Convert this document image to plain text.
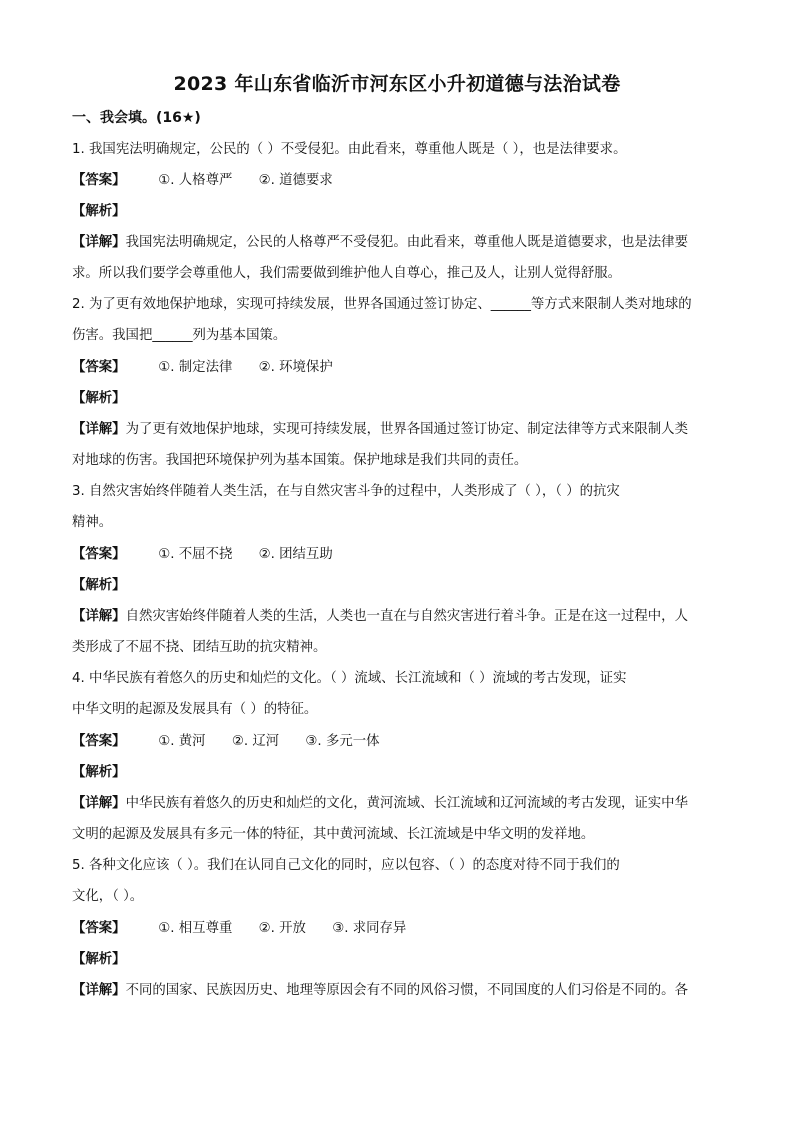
2023 年山东省临沂市河东区小升初道德与法治试卷
一、我会填。(16★)
1. 我国宪法明确规定，公民的（ ）不受侵犯。由此看来，尊重他人既是（ ），也是法律要求。
【答案】 ①. 人格尊严 ②. 道德要求
【解析】
【详解】我国宪法明确规定，公民的人格尊严不受侵犯。由此看来，尊重他人既是道德要求，也是法律要
求。所以我们要学会尊重他人，我们需要做到维护他人自尊心，推己及人，让别人觉得舒服。
2. 为了更有效地保护地球，实现可持续发展，世界各国通过签订协定、______等方式来限制人类对地球的
伤害。我国把______列为基本国策。
【答案】 ①. 制定法律 ②. 环境保护
【解析】
【详解】为了更有效地保护地球，实现可持续发展，世界各国通过签订协定、制定法律等方式来限制人类
对地球的伤害。我国把环境保护列为基本国策。保护地球是我们共同的责任。
3. 自然灾害始终伴随着人类生活，在与自然灾害斗争的过程中，人类形成了（ ），（ ）的抗灾
精神。
【答案】 ①. 不屈不挠 ②. 团结互助
【解析】
【详解】自然灾害始终伴随着人类的生活，人类也一直在与自然灾害进行着斗争。正是在这一过程中，人
类形成了不屈不挠、团结互助的抗灾精神。
4. 中华民族有着悠久的历史和灿烂的文化。（ ）流域、长江流域和（ ）流域的考古发现，证实
中华文明的起源及发展具有（ ）的特征。
【答案】 ①. 黄河 ②. 辽河 ③. 多元一体
【解析】
【详解】中华民族有着悠久的历史和灿烂的文化，黄河流域、长江流域和辽河流域的考古发现，证实中华
文明的起源及发展具有多元一体的特征，其中黄河流域、长江流域是中华文明的发祥地。
5. 各种文化应该（ ）。我们在认同自己文化的同时，应以包容、（ ）的态度对待不同于我们的
文化，（ ）。
【答案】 ①. 相互尊重 ②. 开放 ③. 求同存异
【解析】
【详解】不同的国家、民族因历史、地理等原因会有不同的风俗习惯，不同国度的人们习俗是不同的。各
